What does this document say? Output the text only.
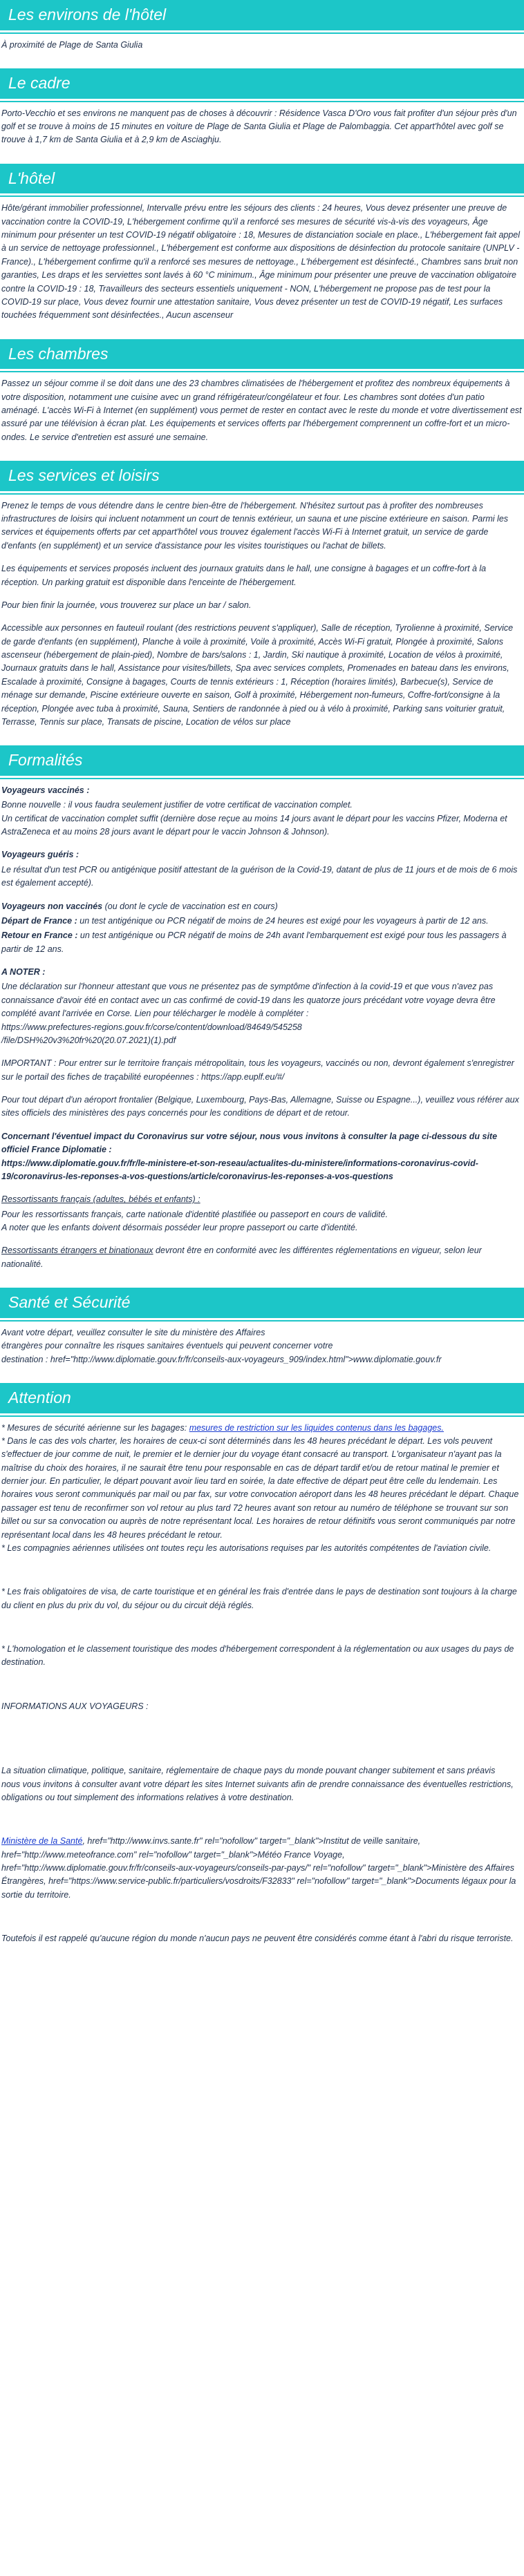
Les environs de l'hôtel

À proximité de Plage de Santa Giulia

Le cadre

Porto-Vecchio et ses environs ne manquent pas de choses à découvrir : Résidence Vasca D'Oro vous fait profiter d'un séjour près d'un golf et se trouve à moins de 15 minutes en voiture de Plage de Santa Giulia et Plage de Palombaggia. Cet appart'hôtel avec golf se trouve à 1,7 km de Santa Giulia et à 2,9 km de Asciaghju.

L'hôtel

Hôte/gérant immobilier professionnel, Intervalle prévu entre les séjours des clients : 24 heures, Vous devez présenter une preuve de vaccination contre la COVID-19, L'hébergement confirme qu'il a renforcé ses mesures de sécurité vis-à-vis des voyageurs, Âge minimum pour présenter un test COVID-19 négatif obligatoire : 18, Mesures de distanciation sociale en place., L'hébergement fait appel à un service de nettoyage professionnel., L'hébergement est conforme aux dispositions de désinfection du protocole sanitaire (UNPLV - France)., L'hébergement confirme qu'il a renforcé ses mesures de nettoyage., L'hébergement est désinfecté., Chambres sans bruit non garanties, Les draps et les serviettes sont lavés à 60 °C minimum., Âge minimum pour présenter une preuve de vaccination obligatoire contre la COVID-19 : 18, Travailleurs des secteurs essentiels uniquement - NON, L'hébergement ne propose pas de test pour la COVID-19 sur place, Vous devez fournir une attestation sanitaire, Vous devez présenter un test de COVID-19 négatif, Les surfaces touchées fréquemment sont désinfectées., Aucun ascenseur

Les chambres

Passez un séjour comme il se doit dans une des 23 chambres climatisées de l'hébergement et profitez des nombreux équipements à votre disposition, notamment une cuisine avec un grand réfrigérateur/congélateur et four. Les chambres sont dotées d'un patio aménagé. L'accès Wi-Fi à Internet (en supplément) vous permet de rester en contact avec le reste du monde et votre divertissement est assuré par une télévision à écran plat. Les équipements et services offerts par l'hébergement comprennent un coffre-fort et un micro-ondes. Le service d'entretien est assuré une semaine.

Les services et loisirs

Prenez le temps de vous détendre dans le centre bien-être de l'hébergement. N'hésitez surtout pas à profiter des nombreuses infrastructures de loisirs qui incluent notamment un court de tennis extérieur, un sauna et une piscine extérieure en saison. Parmi les services et équipements offerts par cet appart'hôtel vous trouvez également l'accès Wi-Fi à Internet gratuit, un service de garde d'enfants (en supplément) et un service d'assistance pour les visites touristiques ou l'achat de billets.

Les équipements et services proposés incluent des journaux gratuits dans le hall, une consigne à bagages et un coffre-fort à la réception. Un parking gratuit est disponible dans l'enceinte de l'hébergement.

Pour bien finir la journée, vous trouverez sur place un bar / salon.

Accessible aux personnes en fauteuil roulant (des restrictions peuvent s'appliquer), Salle de réception, Tyrolienne à proximité, Service de garde d'enfants (en supplément), Planche à voile à proximité, Voile à proximité, Accès Wi-Fi gratuit, Plongée à proximité, Salons ascenseur (hébergement de plain-pied), Nombre de bars/salons : 1, Jardin, Ski nautique à proximité, Location de vélos à proximité, Journaux gratuits dans le hall, Assistance pour visites/billets, Spa avec services complets, Promenades en bateau dans les environs, Escalade à proximité, Consigne à bagages, Courts de tennis extérieurs : 1, Réception (horaires limités), Barbecue(s), Service de ménage sur demande, Piscine extérieure ouverte en saison, Golf à proximité, Hébergement non-fumeurs, Coffre-fort/consigne à la réception, Plongée avec tuba à proximité, Sauna, Sentiers de randonnée à pied ou à vélo à proximité, Parking sans voiturier gratuit, Terrasse, Tennis sur place, Transats de piscine, Location de vélos sur place

Formalités

Voyageurs vaccinés :

Bonne nouvelle : il vous faudra seulement justifier de votre certificat de vaccination complet.
Un certificat de vaccination complet suffit (dernière dose reçue au moins 14 jours avant le départ pour les vaccins Pfizer, Moderna et AstraZeneca et au moins 28 jours avant le départ pour le vaccin Johnson & Johnson).

Voyageurs guéris :

Le résultat d'un test PCR ou antigénique positif attestant de la guérison de la Covid-19, datant de plus de 11 jours et de mois de 6 mois est également accepté).

Voyageurs non vaccinés (ou dont le cycle de vaccination est en cours)

Départ de France : un test antigénique ou PCR négatif de moins de 24 heures est exigé pour les voyageurs à partir de 12 ans.

Retour en France : un test antigénique ou PCR négatif de moins de 24h avant l'embarquement est exigé pour tous les passagers à partir de 12 ans.

A NOTER :

Une déclaration sur l'honneur attestant que vous ne présentez pas de symptôme d'infection à la covid-19 et que vous n'avez pas connaissance d'avoir été en contact avec un cas confirmé de covid-19 dans les quatorze jours précédant votre voyage devra être complété avant l'arrivée en Corse. Lien pour télécharger le modèle à compléter :
https://www.prefectures-regions.gouv.fr/corse/content/download/84649/545258
/file/DSH%20v3%20fr%20(20.07.2021)(1).pdf

IMPORTANT : Pour entrer sur le territoire français métropolitain, tous les voyageurs, vaccinés ou non, devront également s'enregistrer sur le portail des fiches de traçabilité européennes : https://app.euplf.eu/#/

Pour tout départ d'un aéroport frontalier (Belgique, Luxembourg, Pays-Bas, Allemagne, Suisse ou Espagne...), veuillez vous référer aux sites officiels des ministères des pays concernés pour les conditions de départ et de retour.

Concernant l'éventuel impact du Coronavirus sur votre séjour, nous vous invitons à consulter la page ci-dessous du site officiel France Diplomatie :
https://www.diplomatie.gouv.fr/fr/le-ministere-et-son-reseau/actualites-du-ministere/informations-coronavirus-covid-19/coronavirus-les-reponses-a-vos-questions/article/coronavirus-les-reponses-a-vos-questions

Ressortissants français (adultes, bébés et enfants) :

Pour les ressortissants français, carte nationale d'identité plastifiée ou passeport en cours de validité.
A noter que les enfants doivent désormais posséder leur propre passeport ou carte d'identité.

Ressortissants étrangers et binationaux devront être en conformité avec les différentes réglementations en vigueur, selon leur nationalité.

Santé et Sécurité

Avant votre départ, veuillez consulter le site du ministère des Affaires
étrangères pour connaître les risques sanitaires éventuels qui peuvent concerner votre
destination : href="http://www.diplomatie.gouv.fr/fr/conseils-aux-voyageurs_909/index.html">www.diplomatie.gouv.fr

Attention

* Mesures de sécurité aérienne sur les bagages: mesures de restriction sur les liquides contenus dans les bagages.
* Dans le cas des vols charter, les horaires de ceux-ci sont déterminés dans les 48 heures précédant le départ. Les vols peuvent s'effectuer de jour comme de nuit, le premier et le dernier jour du voyage étant consacré au transport. L'organisateur n'ayant pas la maîtrise du choix des horaires, il ne saurait être tenu pour responsable en cas de départ tardif et/ou de retour matinal le premier et dernier jour. En particulier, le départ pouvant avoir lieu tard en soirée, la date effective de départ peut être celle du lendemain. Les horaires vous seront communiqués par mail ou par fax, sur votre convocation aéroport dans les 48 heures précédant le départ. Chaque passager est tenu de reconfirmer son vol retour au plus tard 72 heures avant son retour au numéro de téléphone se trouvant sur son billet ou sur sa convocation ou auprès de notre représentant local. Les horaires de retour définitifs vous seront communiqués par notre représentant local dans les 48 heures précédant le retour.
* Les compagnies aériennes utilisées ont toutes reçu les autorisations requises par les autorités compétentes de l'aviation civile.

* Les frais obligatoires de visa, de carte touristique et en général les frais d'entrée dans le pays de destination sont toujours à la charge du client en plus du prix du vol, du séjour ou du circuit déjà réglés.

* L'homologation et le classement touristique des modes d'hébergement correspondent à la réglementation ou aux usages du pays de destination.

INFORMATIONS AUX VOYAGEURS :

La situation climatique, politique, sanitaire, réglementaire de chaque pays du monde pouvant changer subitement et sans préavis
nous vous invitons à consulter avant votre départ les sites Internet suivants afin de prendre connaissance des éventuelles restrictions, obligations ou tout simplement des informations relatives à votre destination.

Ministère de la Santé, href="http://www.invs.sante.fr" rel="nofollow" target="_blank">Institut de veille sanitaire, href="http://www.meteofrance.com" rel="nofollow" target="_blank">Météo France Voyage, href="http://www.diplomatie.gouv.fr/fr/conseils-aux-voyageurs/conseils-par-pays/" rel="nofollow" target="_blank">Ministère des Affaires Étrangères, href="https://www.service-public.fr/particuliers/vosdroits/F32833" rel="nofollow" target="_blank">Documents légaux pour la sortie du territoire.

Toutefois il est rappelé qu'aucune région du monde n'aucun pays ne peuvent être considérés comme étant à l'abri du risque terroriste.
